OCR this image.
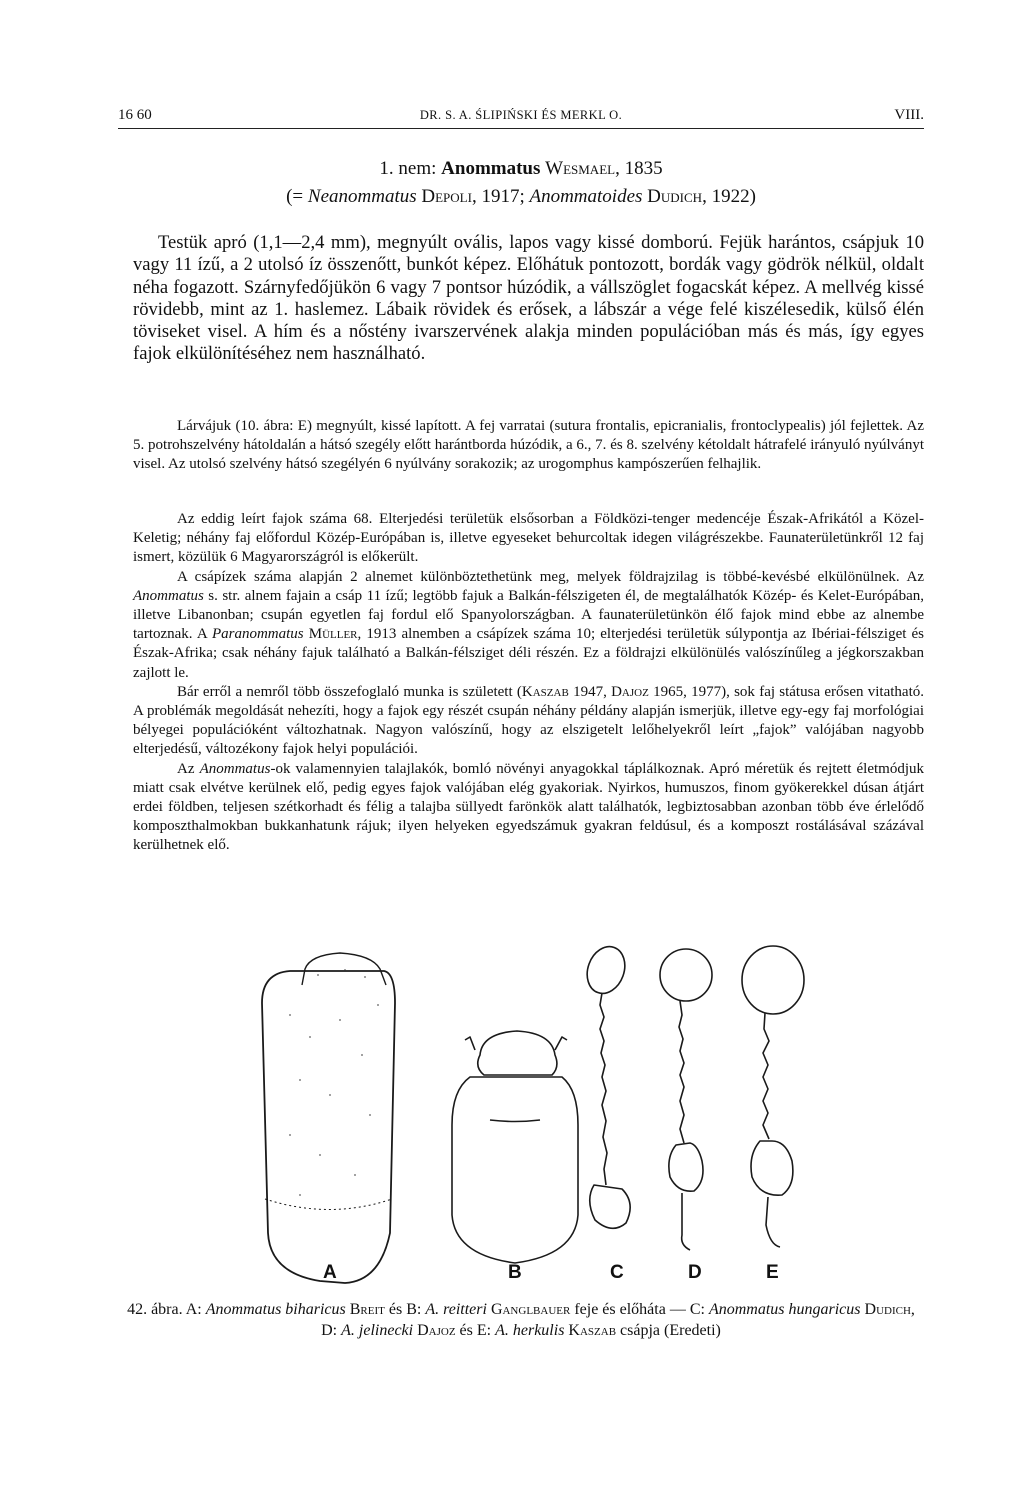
16 60	DR. S. A. ŚLIPIŃSKI ÉS MERKL O.	VIII.
1. nem: Anommatus Wesmael, 1835
(= Neanommatus Depoli, 1917; Anommatoides Dudich, 1922)

Testük apró (1,1—2,4 mm), megnyúlt ovális, lapos vagy kissé domború. Fejük harántos, csápjuk 10 vagy 11 ízű, a 2 utolsó íz összenőtt, bunkót képez. Előhátuk pontozott, bordák vagy gödrök nélkül, oldalt néha fogazott. Szárnyfedőjükön 6 vagy 7 pontsor húzódik, a vállszöglet fogacskát képez. A mellvég kissé rövidebb, mint az 1. haslemez. Lábaik rövidek és erősek, a lábszár a vége felé kiszélesedik, külső élén töviseket visel. A hím és a nőstény ivarszervének alakja minden populációban más és más, így egyes fajok elkülönítéséhez nem használható.

Lárvájuk (10. ábra: E) megnyúlt, kissé lapított. A fej varratai (sutura frontalis, epicranialis, frontoclypealis) jól fejlettek. Az 5. potrohszelvény hátoldalán a hátsó szegély előtt harántborda húzódik, a 6., 7. és 8. szelvény kétoldalt hátrafelé irányuló nyúlványt visel. Az utolsó szelvény hátsó szegélyén 6 nyúlvány sorakozik; az urogomphus kampószerűen felhajlik.

Az eddig leírt fajok száma 68. Elterjedési területük elsősorban a Földközi-tenger medencéje Észak-Afrikától a Közel-Keletig; néhány faj előfordul Közép-Európában is, illetve egyeseket behurcoltak idegen világrészekbe. Faunaterületünkről 12 faj ismert, közülük 6 Magyarországról is előkerült.

A csápízek száma alapján 2 alnemet különböztethetünk meg, melyek földrajzilag is többé-kevésbé elkülönülnek. Az Anommatus s. str. alnem fajain a csáp 11 ízű; legtöbb fajuk a Balkán-félszigeten él, de megtalálhatók Közép- és Kelet-Európában, illetve Libanonban; csupán egyetlen faj fordul elő Spanyolországban. A faunaterületünkön élő fajok mind ebbe az alnembe tartoznak. A Paranommatus Müller, 1913 alnemben a csápízek száma 10; elterjedési területük súlypontja az Ibériai-félsziget és Észak-Afrika; csak néhány fajuk található a Balkán-félsziget déli részén. Ez a földrajzi elkülönülés valószínűleg a jégkorszakban zajlott le.

Bár erről a nemről több összefoglaló munka is született (Kaszab 1947, Dajoz 1965, 1977), sok faj státusa erősen vitatható. A problémák megoldását nehezíti, hogy a fajok egy részét csupán néhány példány alapján ismerjük, illetve egy-egy faj morfológiai bélyegei populációként változhatnak. Nagyon valószínű, hogy az elszigetelt lelőhelyekről leírt „fajok” valójában nagyobb elterjedésű, változékony fajok helyi populációi.

Az Anommatus-ok valamennyien talajlakók, bomló növényi anyagokkal táplálkoznak. Apró méretük és rejtett életmódjuk miatt csak elvétve kerülnek elő, pedig egyes fajok valójában elég gyakoriak. Nyirkos, humuszos, finom gyökerekkel dúsan átjárt erdei földben, teljesen szétkorhadt és félig a talajba süllyedt farönkök alatt találhatók, legbiztosabban azonban több éve érlelődő komposzthalmokban bukkanhatunk rájuk; ilyen helyeken egyedszámuk gyakran feldúsul, és a komposzt rostálásával százával kerülhetnek elő.

A	B	C	D	E
42. ábra. A: Anommatus biharicus Breit és B: A. reitteri Ganglbauer feje és előháta — C: Anommatus hungaricus Dudich, D: A. jelinecki Dajoz és E: A. herkulis Kaszab csápja (Eredeti)
